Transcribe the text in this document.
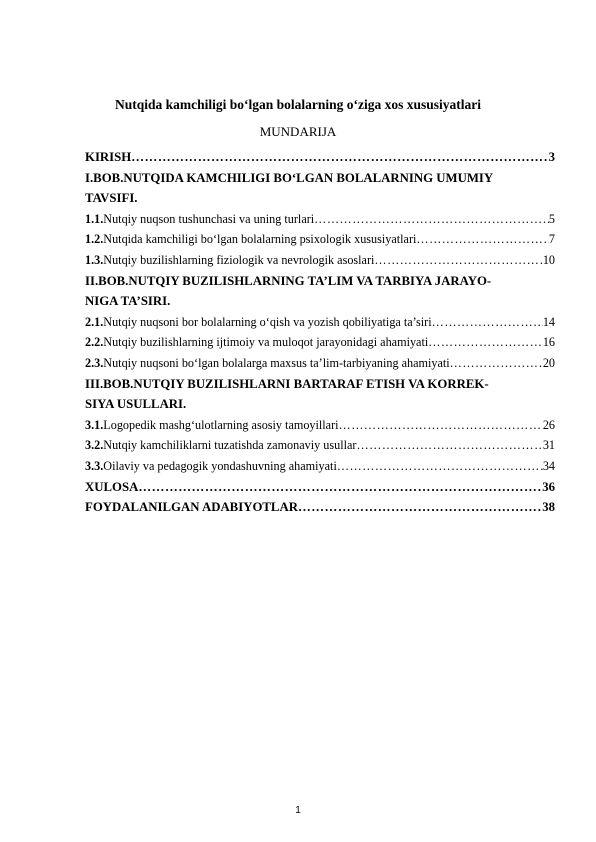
Nutqida kamchiligi bo‘lgan bolalarning o‘ziga xos xususiyatlari
MUNDARIJA
KIRISH ……………………………………………………………………………………………………………………………………………………………	3
I.BOB.NUTQIDA KAMCHILIGI BO‘LGAN BOLALARNING UMUMIY
TAVSIFI.
1.1. Nutqiy nuqson tushunchasi va uning turlari ……………………………………………………………………………………………………………………………………………………………	5
1.2. Nutqida kamchiligi bo‘lgan bolalarning psixologik xususiyatlari ……………………………………………………………………………………………………………………………………………………………	7
1.3. Nutqiy buzilishlarning fiziologik va nevrologik asoslari ……………………………………………………………………………………………………………………………………………………………	10
II.BOB.NUTQIY BUZILISHLARNING TA’LIM VA TARBIYA JARAYO-
NIGA TA’SIRI.
2.1. Nutqiy nuqsoni bor bolalarning o‘qish va yozish qobiliyatiga ta’siri ……………………………………………………………………………………………………………………………………………………………	14
2.2. Nutqiy buzilishlarning ijtimoiy va muloqot jarayonidagi ahamiyati ……………………………………………………………………………………………………………………………………………………………	16
2.3. Nutqiy nuqsoni bo‘lgan bolalarga maxsus ta’lim-tarbiyaning ahamiyati ……………………………………………………………………………………………………………………………………………………………	20
III.BOB.NUTQIY BUZILISHLARNI BARTARAF ETISH VA KORREK-
SIYA USULLARI.
3.1. Logopedik mashg‘ulotlarning asosiy tamoyillari ……………………………………………………………………………………………………………………………………………………………	26
3.2. Nutqiy kamchiliklarni tuzatishda zamonaviy usullar ……………………………………………………………………………………………………………………………………………………………	31
3.3. Oilaviy va pedagogik yondashuvning ahamiyati ……………………………………………………………………………………………………………………………………………………………	34
XULOSA ……………………………………………………………………………………………………………………………………………………………	36
FOYDALANILGAN ADABIYOTLAR ……………………………………………………………………………………………………………………………………………………………	38
1
